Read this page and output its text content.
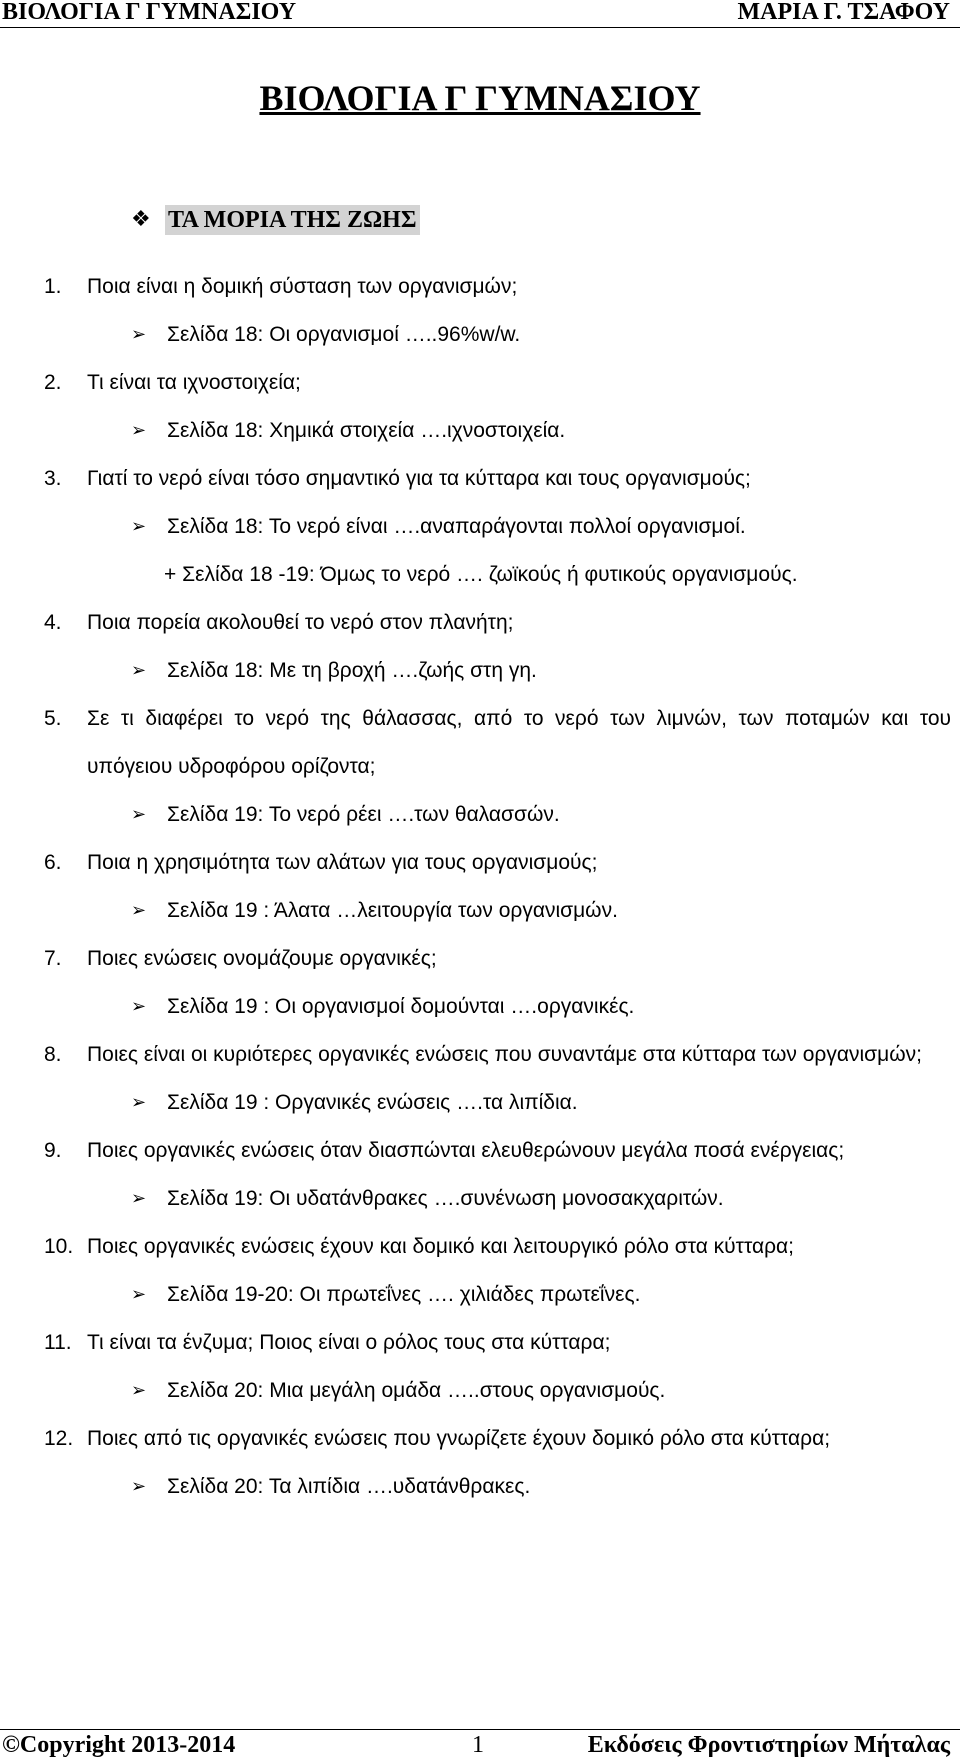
ΒΙΟΛΟΓΙΑ Γ ΓΥΜΝΑΣΙΟΥ	ΜΑΡΙΑ Γ. ΤΣΑΦΟΥ
ΒΙΟΛΟΓΙΑ Γ ΓΥΜΝΑΣΙΟΥ
❖ ΤΑ ΜΟΡΙΑ ΤΗΣ ΖΩΗΣ
1. Ποια είναι η δομική σύσταση των οργανισμών;
➢ Σελίδα 18: Οι οργανισμοί …..96%w/w.
2. Τι είναι τα ιχνοστοιχεία;
➢ Σελίδα 18: Χημικά στοιχεία ….ιχνοστοιχεία.
3. Γιατί το νερό είναι τόσο σημαντικό για τα κύτταρα και τους οργανισμούς;
➢ Σελίδα 18: Το νερό είναι ….αναπαράγονται πολλοί οργανισμοί.
+ Σελίδα 18 -19: Όμως το νερό …. ζωϊκούς ή φυτικούς οργανισμούς.
4. Ποια πορεία ακολουθεί το νερό στον πλανήτη;
➢ Σελίδα 18: Με τη βροχή ….ζωής στη γη.
5. Σε τι διαφέρει το νερό της θάλασσας, από το νερό των λιμνών, των ποταμών και του υπόγειου υδροφόρου ορίζοντα;
➢ Σελίδα 19: Το νερό ρέει ….των θαλασσών.
6. Ποια η χρησιμότητα των αλάτων για τους οργανισμούς;
➢ Σελίδα 19 : Άλατα …λειτουργία των οργανισμών.
7. Ποιες ενώσεις ονομάζουμε οργανικές;
➢ Σελίδα 19 : Οι οργανισμοί δομούνται ….οργανικές.
8. Ποιες είναι οι κυριότερες οργανικές ενώσεις που συναντάμε στα κύτταρα των οργανισμών;
➢ Σελίδα 19 : Οργανικές ενώσεις ….τα λιπίδια.
9. Ποιες οργανικές ενώσεις όταν διασπώνται ελευθερώνουν μεγάλα ποσά ενέργειας;
➢ Σελίδα 19: Οι υδατάνθρακες ….συνένωση μονοσακχαριτών.
10. Ποιες οργανικές ενώσεις έχουν και δομικό και λειτουργικό ρόλο στα κύτταρα;
➢ Σελίδα 19-20: Οι πρωτεΐνες …. χιλιάδες πρωτεΐνες.
11. Τι είναι τα ένζυμα; Ποιος είναι ο ρόλος τους στα κύτταρα;
➢ Σελίδα 20: Μια μεγάλη ομάδα …..στους οργανισμούς.
12. Ποιες από τις οργανικές ενώσεις που γνωρίζετε έχουν δομικό ρόλο στα κύτταρα;
➢ Σελίδα 20: Τα λιπίδια ….υδατάνθρακες.
©Copyright 2013-2014	1	Εκδόσεις Φροντιστηρίων Μήταλας
